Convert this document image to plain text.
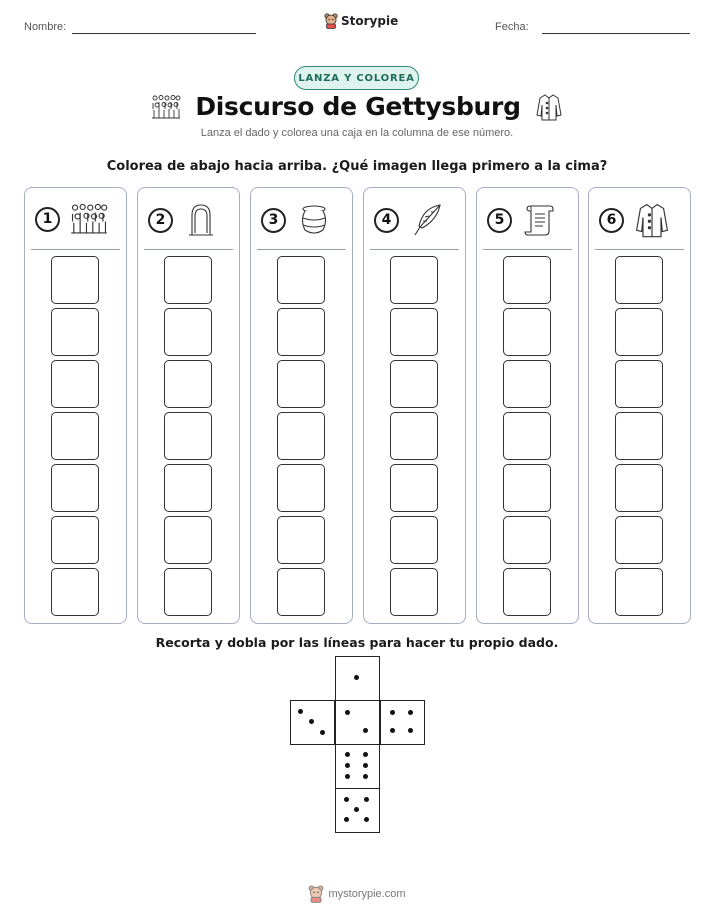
Nombre:	Storypie	Fecha:
LANZA Y COLOREA
Discurso de Gettysburg
Lanza el dado y colorea una caja en la columna de ese número.
Colorea de abajo hacia arriba. ¿Qué imagen llega primero a la cima?
1	2	3	4	5	6
Recorta y dobla por las líneas para hacer tu propio dado.
mystorypie.com
